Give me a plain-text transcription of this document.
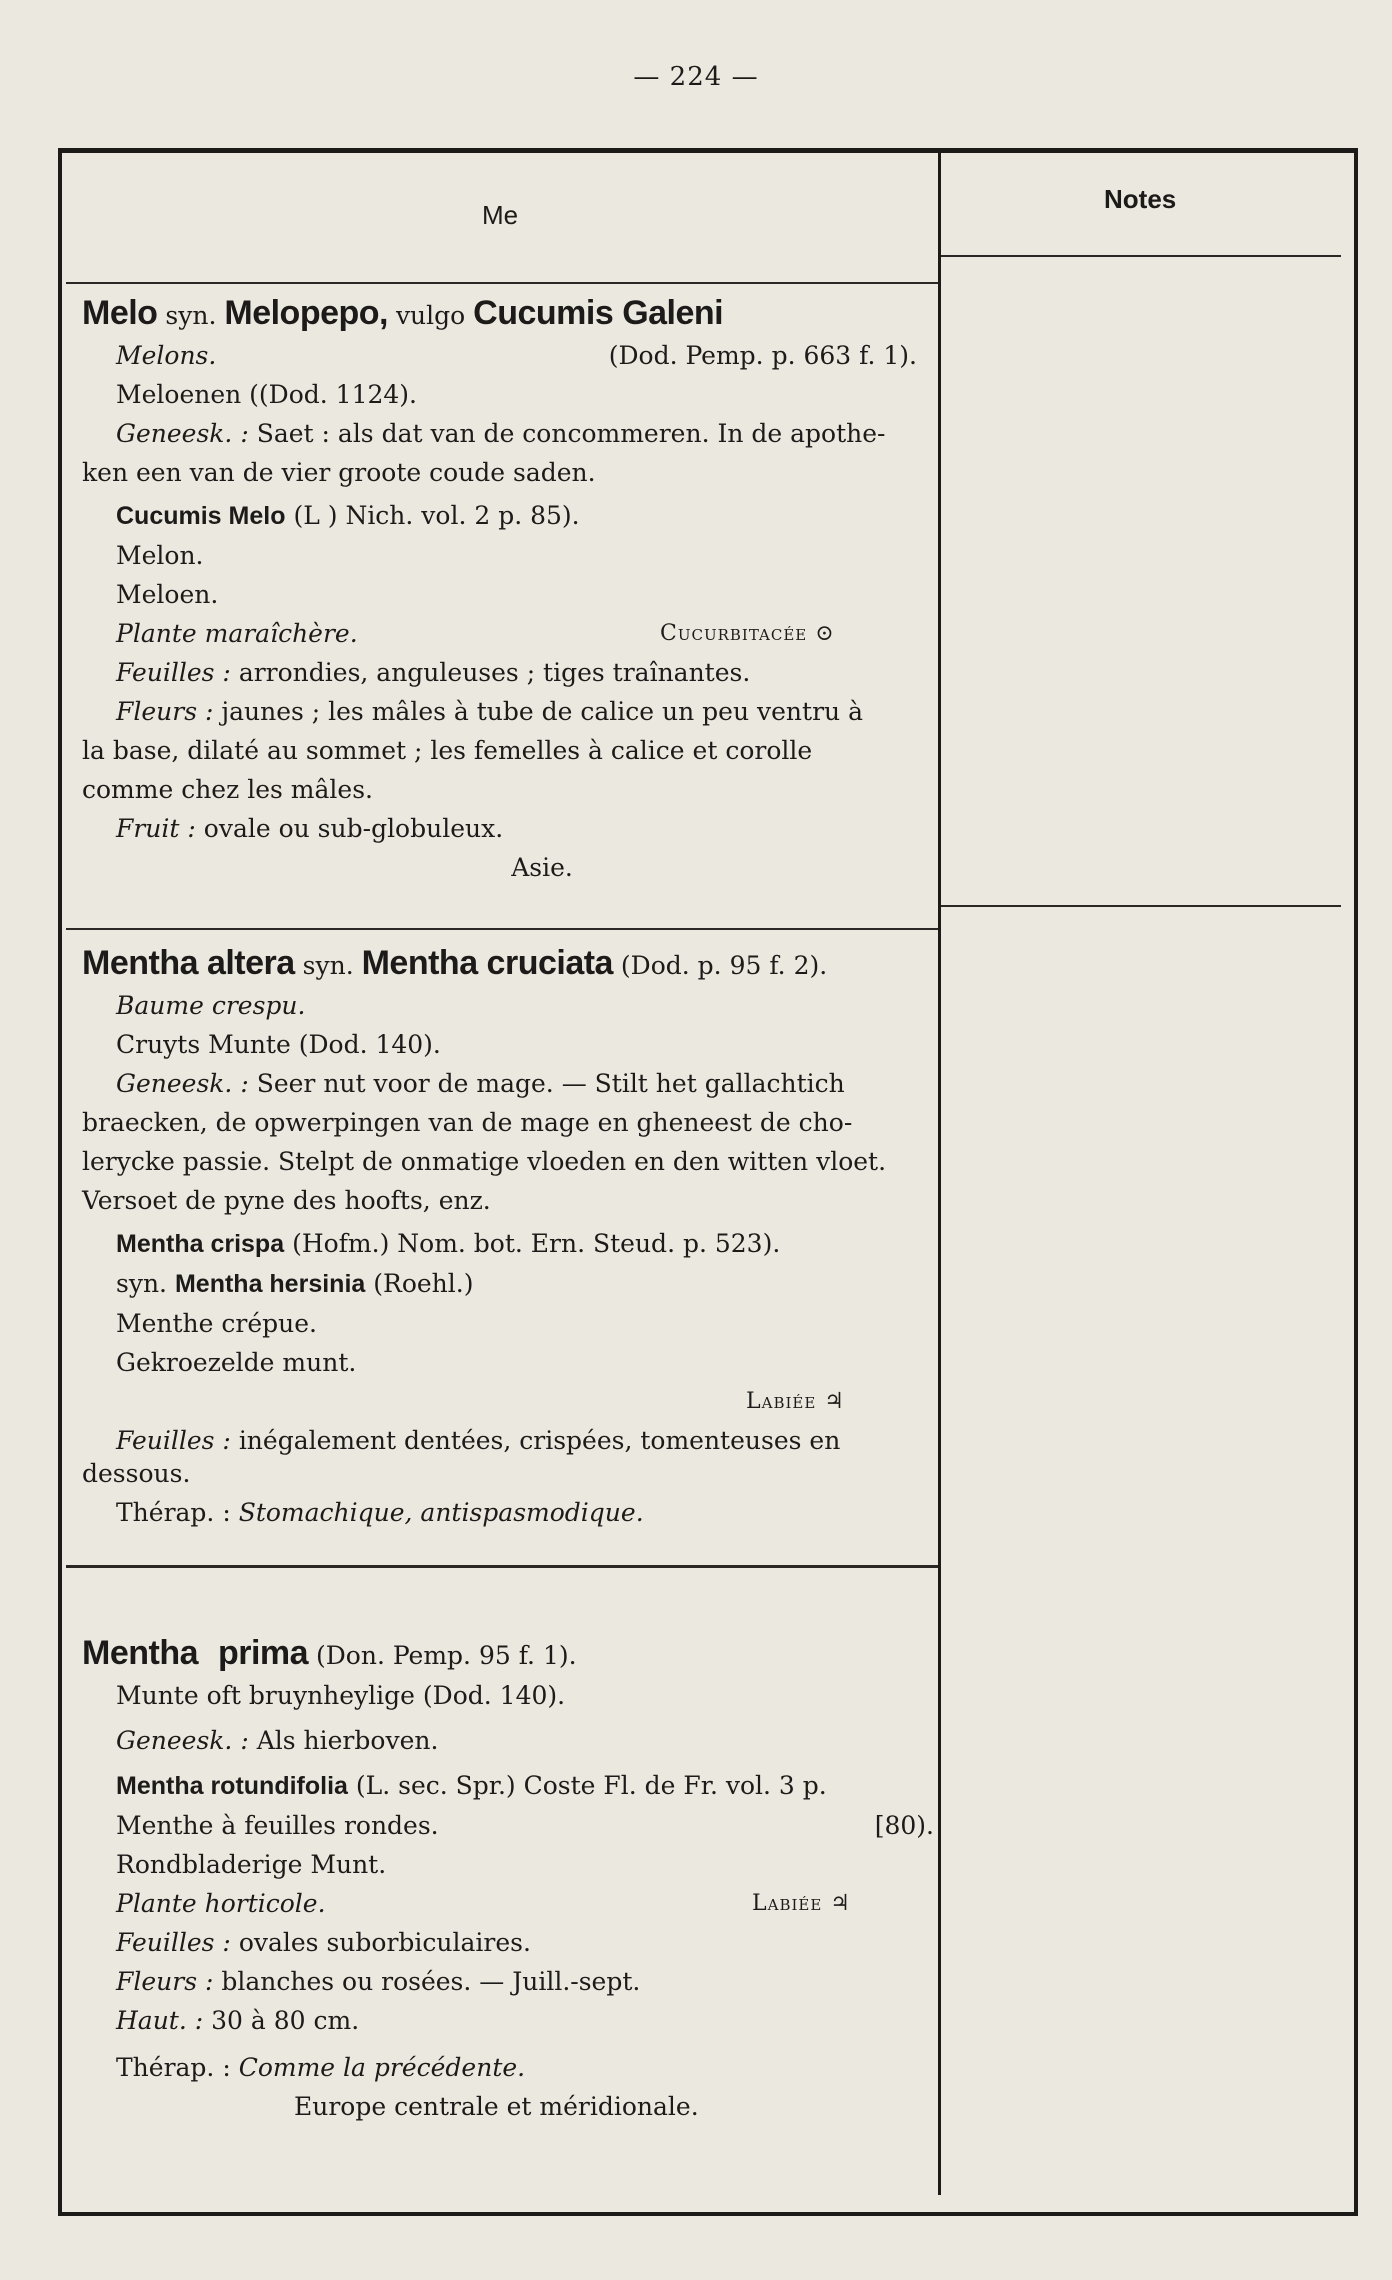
— 224 —
Me
Notes
Melo syn. Melopepo, vulgo Cucumis Galeni
Melons.	(Dod. Pemp. p. 663 f. 1).
Meloenen ((Dod. 1124).
Geneesk. : Saet : als dat van de concommeren. In de apothe-
ken een van de vier groote coude saden.
Cucumis Melo (L ) Nich. vol. 2 p. 85).
Melon.
Meloen.
Plante maraîchère.	Cucurbitacée ⊙
Feuilles : arrondies, anguleuses ; tiges traînantes.
Fleurs : jaunes ; les mâles à tube de calice un peu ventru à
la base, dilaté au sommet ; les femelles à calice et corolle
comme chez les mâles.
Fruit : ovale ou sub-globuleux.
Asie.
Mentha altera syn. Mentha cruciata (Dod. p. 95 f. 2).
Baume crespu.
Cruyts Munte (Dod. 140).
Geneesk. : Seer nut voor de mage. — Stilt het gallachtich
braecken, de opwerpingen van de mage en gheneest de cho-
lerycke passie. Stelpt de onmatige vloeden en den witten vloet.
Versoet de pyne des hoofts, enz.
Mentha crispa (Hofm.) Nom. bot. Ern. Steud. p. 523).
syn. Mentha hersinia (Roehl.)
Menthe crépue.
Gekroezelde munt.
Labiée ♃
Feuilles : inégalement dentées, crispées, tomenteuses en
dessous.
Thérap. : Stomachique, antispasmodique.
Mentha prima (Don. Pemp. 95 f. 1).
Munte oft bruynheylige (Dod. 140).
Geneesk. : Als hierboven.
Mentha rotundifolia (L. sec. Spr.) Coste Fl. de Fr. vol. 3 p.
Menthe à feuilles rondes.	[80).
Rondbladerige Munt.
Plante horticole.	Labiée ♃
Feuilles : ovales suborbiculaires.
Fleurs : blanches ou rosées. — Juill.-sept.
Haut. : 30 à 80 cm.
Thérap. : Comme la précédente.
Europe centrale et méridionale.
